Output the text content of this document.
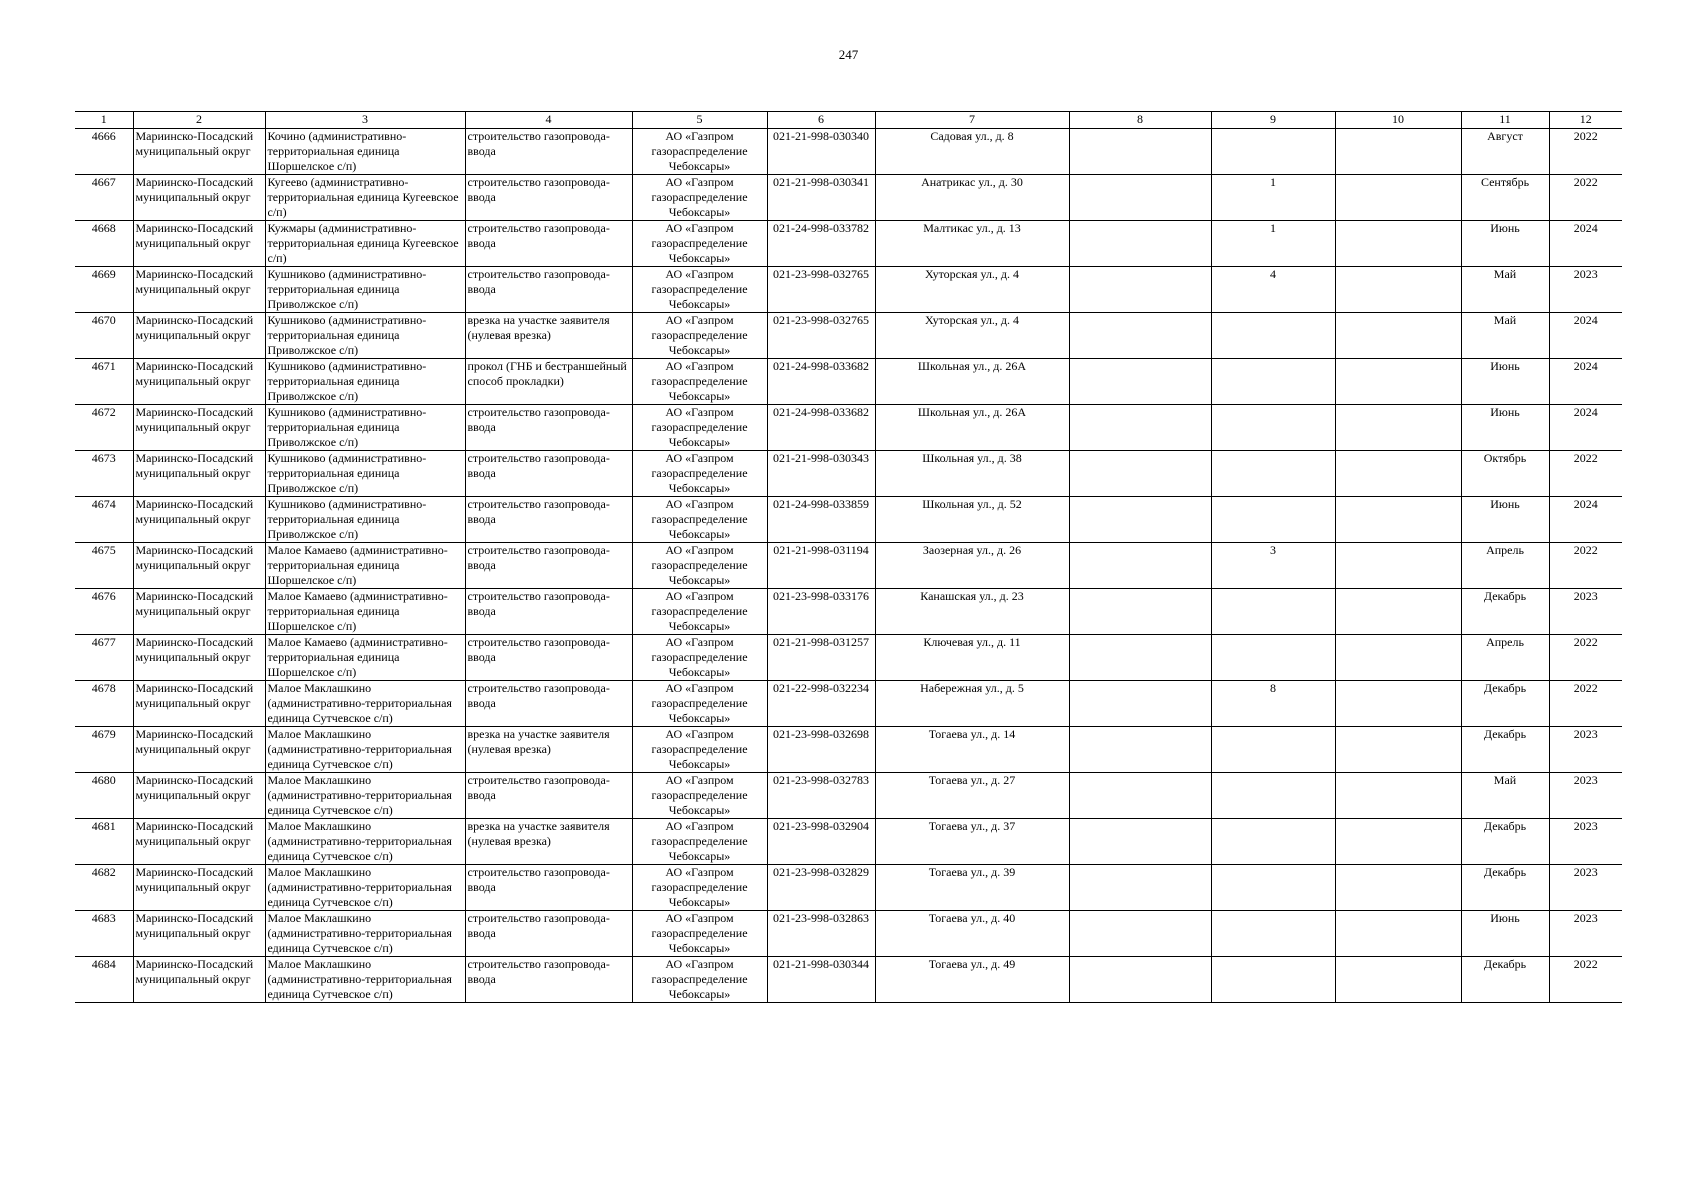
247
1	2	3	4	5	6	7	8	9	10	11	12
4666	Мариинско-Посадский муниципальный округ	Кочино (административно-территориальная единица Шоршелское с/п)	строительство газопровода-ввода	АО «Газпром газораспределение Чебоксары»	021-21-998-030340	Садовая ул., д. 8				Август	2022
4667	Мариинско-Посадский муниципальный округ	Кугеево (административно-территориальная единица Кугеевское с/п)	строительство газопровода-ввода	АО «Газпром газораспределение Чебоксары»	021-21-998-030341	Анатрикас ул., д. 30		1		Сентябрь	2022
4668	Мариинско-Посадский муниципальный округ	Кужмары (административно-территориальная единица Кугеевское с/п)	строительство газопровода-ввода	АО «Газпром газораспределение Чебоксары»	021-24-998-033782	Малтикас ул., д. 13		1		Июнь	2024
4669	Мариинско-Посадский муниципальный округ	Кушниково (административно-территориальная единица Приволжское с/п)	строительство газопровода-ввода	АО «Газпром газораспределение Чебоксары»	021-23-998-032765	Хуторская ул., д. 4		4		Май	2023
4670	Мариинско-Посадский муниципальный округ	Кушниково (административно-территориальная единица Приволжское с/п)	врезка на участке заявителя (нулевая врезка)	АО «Газпром газораспределение Чебоксары»	021-23-998-032765	Хуторская ул., д. 4				Май	2024
4671	Мариинско-Посадский муниципальный округ	Кушниково (административно-территориальная единица Приволжское с/п)	прокол (ГНБ и бестраншейный способ прокладки)	АО «Газпром газораспределение Чебоксары»	021-24-998-033682	Школьная ул., д. 26А				Июнь	2024
4672	Мариинско-Посадский муниципальный округ	Кушниково (административно-территориальная единица Приволжское с/п)	строительство газопровода-ввода	АО «Газпром газораспределение Чебоксары»	021-24-998-033682	Школьная ул., д. 26А				Июнь	2024
4673	Мариинско-Посадский муниципальный округ	Кушниково (административно-территориальная единица Приволжское с/п)	строительство газопровода-ввода	АО «Газпром газораспределение Чебоксары»	021-21-998-030343	Школьная ул., д. 38				Октябрь	2022
4674	Мариинско-Посадский муниципальный округ	Кушниково (административно-территориальная единица Приволжское с/п)	строительство газопровода-ввода	АО «Газпром газораспределение Чебоксары»	021-24-998-033859	Школьная ул., д. 52				Июнь	2024
4675	Мариинско-Посадский муниципальный округ	Малое Камаево (административно-территориальная единица Шоршелское с/п)	строительство газопровода-ввода	АО «Газпром газораспределение Чебоксары»	021-21-998-031194	Заозерная ул., д. 26		3		Апрель	2022
4676	Мариинско-Посадский муниципальный округ	Малое Камаево (административно-территориальная единица Шоршелское с/п)	строительство газопровода-ввода	АО «Газпром газораспределение Чебоксары»	021-23-998-033176	Канашская ул., д. 23				Декабрь	2023
4677	Мариинско-Посадский муниципальный округ	Малое Камаево (административно-территориальная единица Шоршелское с/п)	строительство газопровода-ввода	АО «Газпром газораспределение Чебоксары»	021-21-998-031257	Ключевая ул., д. 11				Апрель	2022
4678	Мариинско-Посадский муниципальный округ	Малое Маклашкино (административно-территориальная единица Сутчевское с/п)	строительство газопровода-ввода	АО «Газпром газораспределение Чебоксары»	021-22-998-032234	Набережная ул., д. 5		8		Декабрь	2022
4679	Мариинско-Посадский муниципальный округ	Малое Маклашкино (административно-территориальная единица Сутчевское с/п)	врезка на участке заявителя (нулевая врезка)	АО «Газпром газораспределение Чебоксары»	021-23-998-032698	Тогаева ул., д. 14				Декабрь	2023
4680	Мариинско-Посадский муниципальный округ	Малое Маклашкино (административно-территориальная единица Сутчевское с/п)	строительство газопровода-ввода	АО «Газпром газораспределение Чебоксары»	021-23-998-032783	Тогаева ул., д. 27				Май	2023
4681	Мариинско-Посадский муниципальный округ	Малое Маклашкино (административно-территориальная единица Сутчевское с/п)	врезка на участке заявителя (нулевая врезка)	АО «Газпром газораспределение Чебоксары»	021-23-998-032904	Тогаева ул., д. 37				Декабрь	2023
4682	Мариинско-Посадский муниципальный округ	Малое Маклашкино (административно-территориальная единица Сутчевское с/п)	строительство газопровода-ввода	АО «Газпром газораспределение Чебоксары»	021-23-998-032829	Тогаева ул., д. 39				Декабрь	2023
4683	Мариинско-Посадский муниципальный округ	Малое Маклашкино (административно-территориальная единица Сутчевское с/п)	строительство газопровода-ввода	АО «Газпром газораспределение Чебоксары»	021-23-998-032863	Тогаева ул., д. 40				Июнь	2023
4684	Мариинско-Посадский муниципальный округ	Малое Маклашкино (административно-территориальная единица Сутчевское с/п)	строительство газопровода-ввода	АО «Газпром газораспределение Чебоксары»	021-21-998-030344	Тогаева ул., д. 49				Декабрь	2022
